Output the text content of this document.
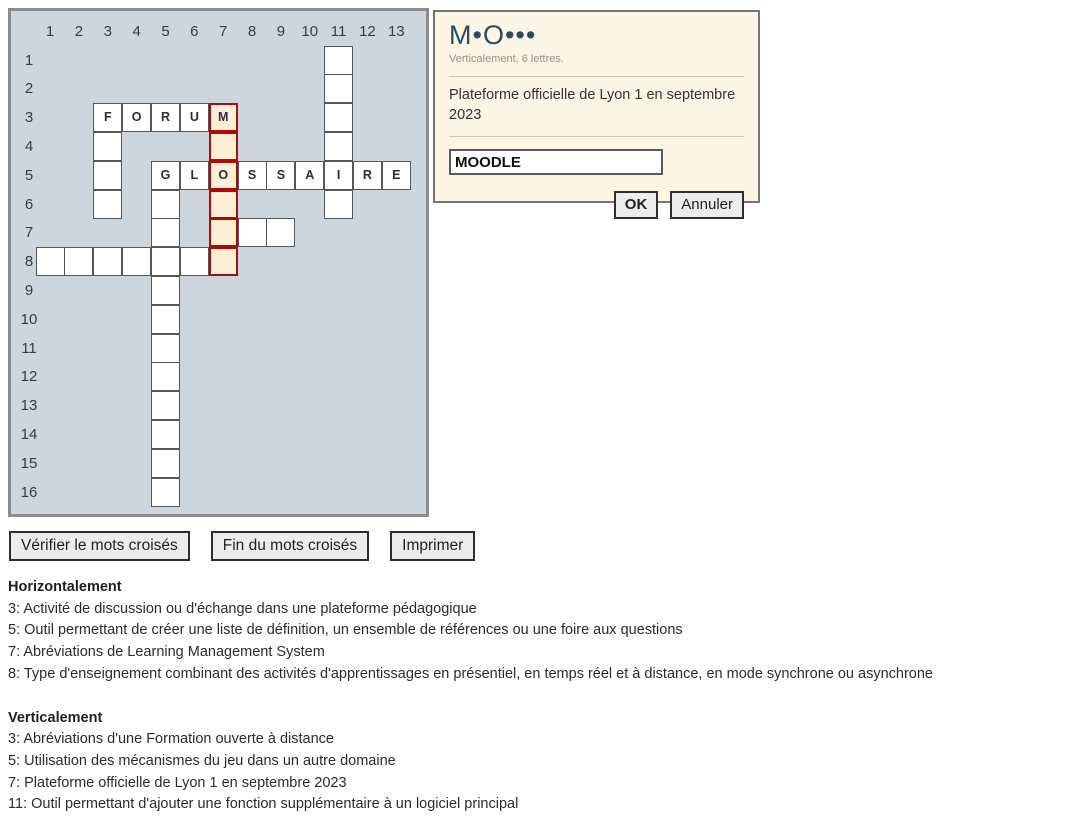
1	2	3	4	5	6	7	8	9	10 11 12 13
1
2
3
4
5
6
7
8
9
10
11
12
13
14
15
16
F	O	R	U	M
G	L	O	S	S	A	I	R	E
M•O•••
Verticalement, 6 lettres.
Plateforme officielle de Lyon 1 en septembre 2023
MOODLE
OK	Annuler
Vérifier le mots croisés	Fin du mots croisés	Imprimer
Horizontalement
3: Activité de discussion ou d'échange dans une plateforme pédagogique
5: Outil permettant de créer une liste de définition, un ensemble de références ou une foire aux questions
7: Abréviations de Learning Management System
8: Type d'enseignement combinant des activités d'apprentissages en présentiel, en temps réel et à distance, en mode synchrone ou asynchrone
Verticalement
3: Abréviations d'une Formation ouverte à distance
5: Utilisation des mécanismes du jeu dans un autre domaine
7: Plateforme officielle de Lyon 1 en septembre 2023
11: Outil permettant d'ajouter une fonction supplémentaire à un logiciel principal
